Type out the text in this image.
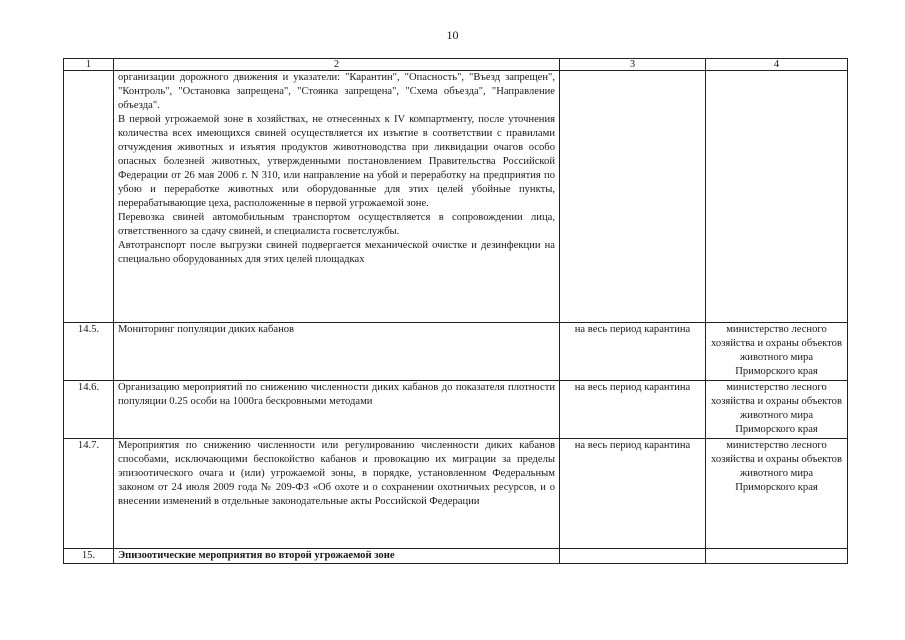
10
1	2	3	4

	организации дорожного движения и указатели: "Карантин", "Опасность", "Въезд запрещен", "Контроль", "Остановка запрещена", "Стоянка запрещена", "Схема объезда", "Направление объезда".

В первой угрожаемой зоне в хозяйствах, не отнесенных к IV компартменту, после уточнения количества всех имеющихся свиней осуществляется их изъятие в соответствии с правилами отчуждения животных и изъятия продуктов животноводства при ликвидации очагов особо опасных болезней животных, утвержденными постановлением Правительства Российской Федерации от 26 мая 2006 г. N 310, или направление на убой и переработку на предприятия по убою и переработке животных или оборудованные для этих целей убойные пункты, перерабатывающие цеха, расположенные в первой угрожаемой зоне.

Перевозка свиней автомобильным транспортом осуществляется в сопровождении лица, ответственного за сдачу свиней, и специалиста госветслужбы.

Автотранспорт после выгрузки свиней подвергается механической очистке и дезинфекции на специально оборудованных для этих целей площадках		

14.5.	Мониторинг популяции диких кабанов	на весь период карантина	министерство лесного хозяйства и охраны объектов животного мира Приморского края
14.6.	Организацию мероприятий по снижению численности диких кабанов до показателя плотности популяции 0.25 особи на 1000га бескровными методами	на весь период карантина	министерство лесного хозяйства и охраны объектов животного мира Приморского края
14.7.	Мероприятия по снижению численности или регулированию численности диких кабанов способами, исключающими беспокойство кабанов и провокацию их миграции за пределы эпизоотического очага и (или) угрожаемой зоны, в порядке, установленном Федеральным законом от 24 июля 2009 года № 209-ФЗ «Об охоте и о сохранении охотничьих ресурсов, и о внесении изменений в отдельные законодательные акты Российской Федерации	на весь период карантина	министерство лесного хозяйства и охраны объектов животного мира Приморского края
15.	Эпизоотические мероприятия во второй угрожаемой зоне		
